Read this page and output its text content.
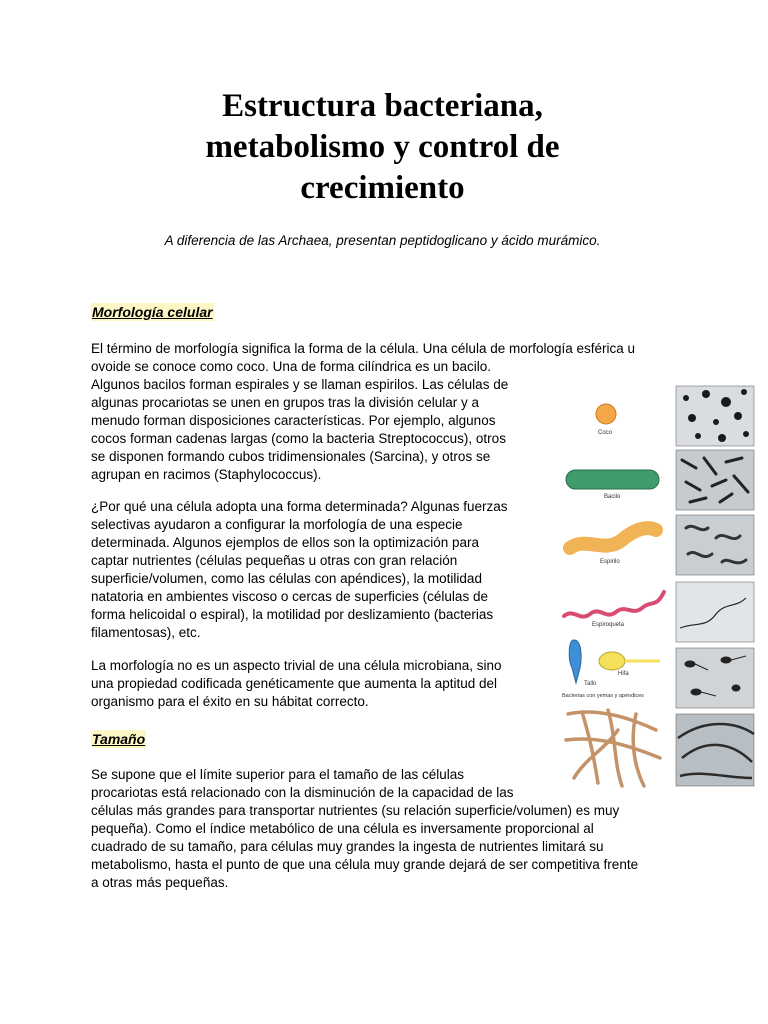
Estructura bacteriana,
metabolismo y control de
crecimiento

A diferencia de las Archaea, presentan peptidoglicano y ácido murámico.

Morfología celular

El término de morfología significa la forma de la célula. Una célula de morfología esférica u
ovoide se conoce como coco. Una de forma cilíndrica es un bacilo.
Algunos bacilos forman espirales y se llaman espirilos. Las células de
algunas procariotas se unen en grupos tras la división celular y a
menudo forman disposiciones características. Por ejemplo, algunos
cocos forman cadenas largas (como la bacteria Streptococcus), otros
se disponen formando cubos tridimensionales (Sarcina), y otros se
agrupan en racimos (Staphylococcus).

¿Por qué una célula adopta una forma determinada? Algunas fuerzas
selectivas ayudaron a configurar la morfología de una especie
determinada. Algunos ejemplos de ellos son la optimización para
captar nutrientes (células pequeñas u otras con gran relación
superficie/volumen, como las células con apéndices), la motilidad
natatoria en ambientes viscoso o cercas de superficies (células de
forma helicoidal o espiral), la motilidad por deslizamiento (bacterias
filamentosas), etc.

La morfología no es un aspecto trivial de una célula microbiana, sino
una propiedad codificada genéticamente que aumenta la aptitud del
organismo para el éxito en su hábitat correcto.

Tamaño

Se supone que el límite superior para el tamaño de las células
procariotas está relacionado con la disminución de la capacidad de las
células más grandes para transportar nutrientes (su relación superficie/volumen) es muy
pequeña). Como el índice metabólico de una célula es inversamente proporcional al
cuadrado de su tamaño, para células muy grandes la ingesta de nutrientes limitará su
metabolismo, hasta el punto de que una célula muy grande dejará de ser competitiva frente
a otras más pequeñas.

Coco
Bacilo
Espirilo
Espiroqueta
Tallo
Hifa
Bacterias con yemas y apéndices
